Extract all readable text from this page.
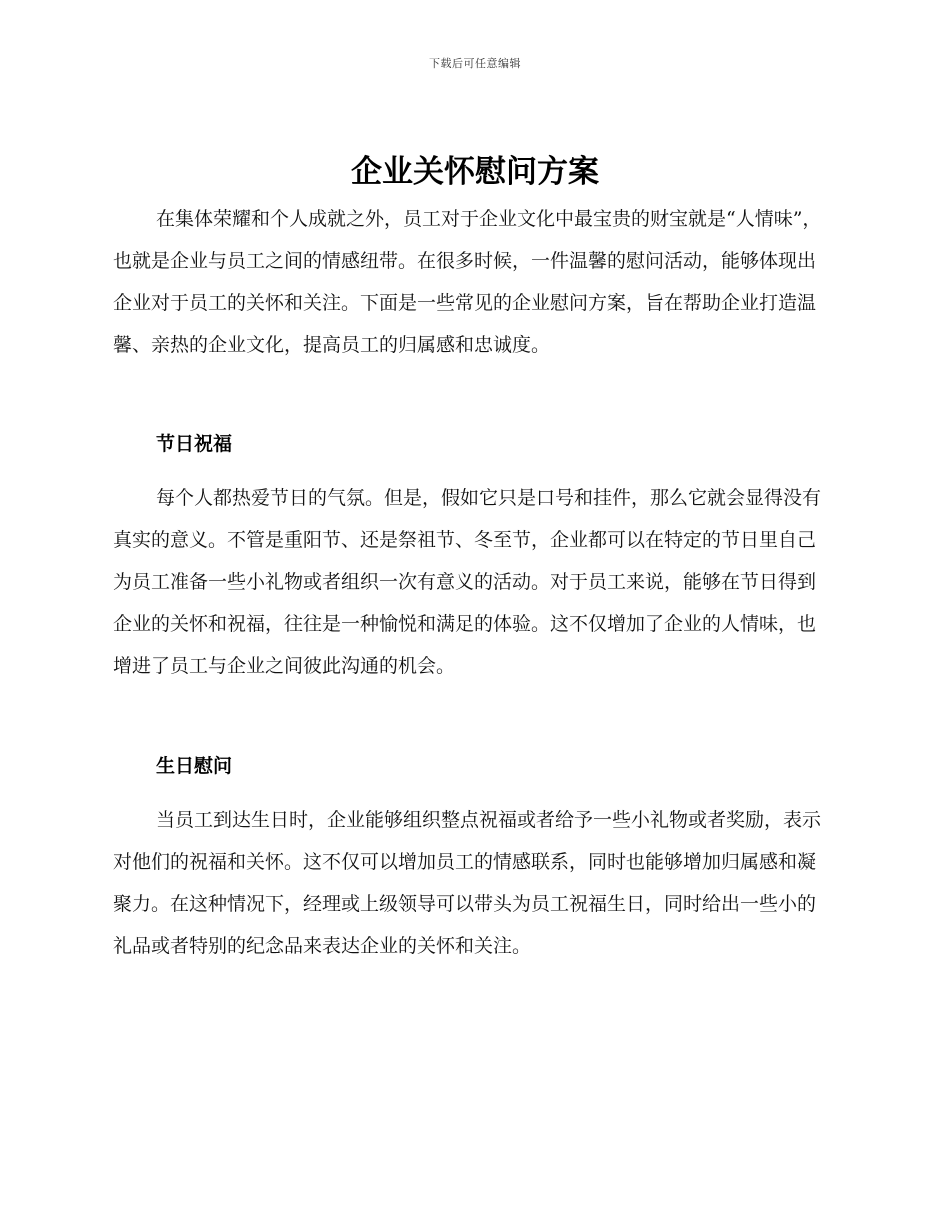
下载后可任意编辑
企业关怀慰问方案

在集体荣耀和个人成就之外，员工对于企业文化中最宝贵的财宝就是“人情味”，也就是企业与员工之间的情感纽带。在很多时候，一件温馨的慰问活动，能够体现出企业对于员工的关怀和关注。下面是一些常见的企业慰问方案，旨在帮助企业打造温馨、亲热的企业文化，提高员工的归属感和忠诚度。

节日祝福

每个人都热爱节日的气氛。但是，假如它只是口号和挂件，那么它就会显得没有真实的意义。不管是重阳节、还是祭祖节、冬至节，企业都可以在特定的节日里自己为员工准备一些小礼物或者组织一次有意义的活动。对于员工来说，能够在节日得到企业的关怀和祝福，往往是一种愉悦和满足的体验。这不仅增加了企业的人情味，也增进了员工与企业之间彼此沟通的机会。

生日慰问

当员工到达生日时，企业能够组织整点祝福或者给予一些小礼物或者奖励，表示对他们的祝福和关怀。这不仅可以增加员工的情感联系，同时也能够增加归属感和凝聚力。在这种情况下，经理或上级领导可以带头为员工祝福生日，同时给出一些小的礼品或者特别的纪念品来表达企业的关怀和关注。
